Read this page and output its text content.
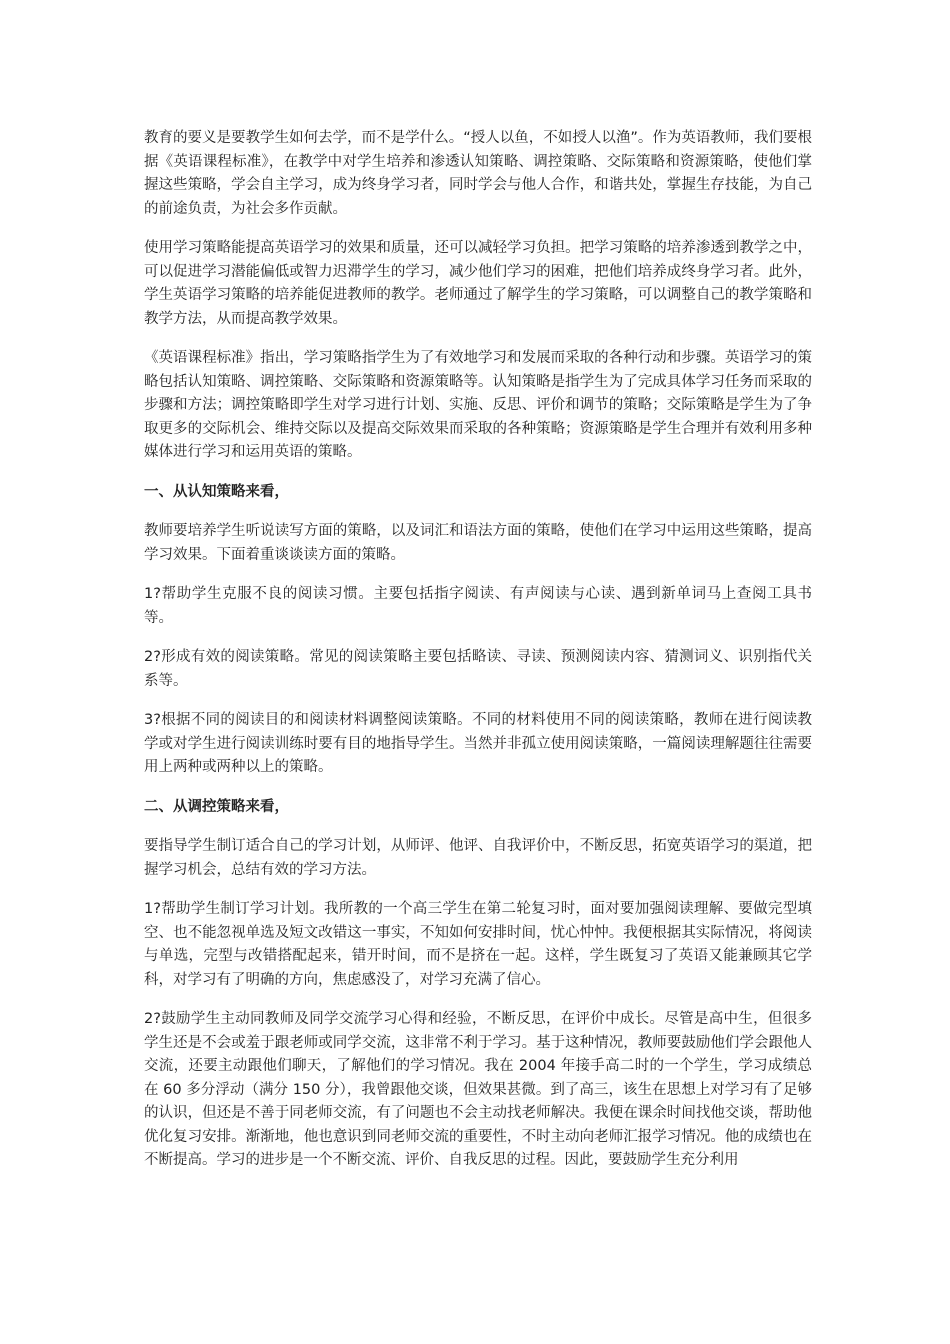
教育的要义是要教学生如何去学，而不是学什么。“授人以鱼，不如授人以渔”。作为英语教师，我们要根据《英语课程标准》，在教学中对学生培养和渗透认知策略、调控策略、交际策略和资源策略，使他们掌握这些策略，学会自主学习，成为终身学习者，同时学会与他人合作，和谐共处，掌握生存技能，为自己的前途负责，为社会多作贡献。

使用学习策略能提高英语学习的效果和质量，还可以减轻学习负担。把学习策略的培养渗透到教学之中，可以促进学习潜能偏低或智力迟滞学生的学习，减少他们学习的困难，把他们培养成终身学习者。此外，学生英语学习策略的培养能促进教师的教学。老师通过了解学生的学习策略，可以调整自己的教学策略和教学方法，从而提高教学效果。

《英语课程标准》指出，学习策略指学生为了有效地学习和发展而采取的各种行动和步骤。英语学习的策略包括认知策略、调控策略、交际策略和资源策略等。认知策略是指学生为了完成具体学习任务而采取的步骤和方法；调控策略即学生对学习进行计划、实施、反思、评价和调节的策略；交际策略是学生为了争取更多的交际机会、维持交际以及提高交际效果而采取的各种策略；资源策略是学生合理并有效利用多种媒体进行学习和运用英语的策略。

一、从认知策略来看，

教师要培养学生听说读写方面的策略，以及词汇和语法方面的策略，使他们在学习中运用这些策略，提高学习效果。下面着重谈谈读方面的策略。

1?帮助学生克服不良的阅读习惯。主要包括指字阅读、有声阅读与心读、遇到新单词马上查阅工具书等。

2?形成有效的阅读策略。常见的阅读策略主要包括略读、寻读、预测阅读内容、猜测词义、识别指代关系等。

3?根据不同的阅读目的和阅读材料调整阅读策略。不同的材料使用不同的阅读策略，教师在进行阅读教学或对学生进行阅读训练时要有目的地指导学生。当然并非孤立使用阅读策略，一篇阅读理解题往往需要用上两种或两种以上的策略。

二、从调控策略来看，

要指导学生制订适合自己的学习计划，从师评、他评、自我评价中，不断反思，拓宽英语学习的渠道，把握学习机会，总结有效的学习方法。

1?帮助学生制订学习计划。我所教的一个高三学生在第二轮复习时，面对要加强阅读理解、要做完型填空、也不能忽视单选及短文改错这一事实，不知如何安排时间，忧心忡忡。我便根据其实际情况，将阅读与单选，完型与改错搭配起来，错开时间，而不是挤在一起。这样，学生既复习了英语又能兼顾其它学科，对学习有了明确的方向，焦虑感没了，对学习充满了信心。

2?鼓励学生主动同教师及同学交流学习心得和经验，不断反思，在评价中成长。尽管是高中生，但很多学生还是不会或羞于跟老师或同学交流，这非常不利于学习。基于这种情况，教师要鼓励他们学会跟他人交流，还要主动跟他们聊天，了解他们的学习情况。我在 2004 年接手高二时的一个学生，学习成绩总在 60 多分浮动（满分 150 分），我曾跟他交谈，但效果甚微。到了高三，该生在思想上对学习有了足够的认识，但还是不善于同老师交流，有了问题也不会主动找老师解决。我便在课余时间找他交谈，帮助他优化复习安排。渐渐地，他也意识到同老师交流的重要性，不时主动向老师汇报学习情况。他的成绩也在不断提高。学习的进步是一个不断交流、评价、自我反思的过程。因此，要鼓励学生充分利用
